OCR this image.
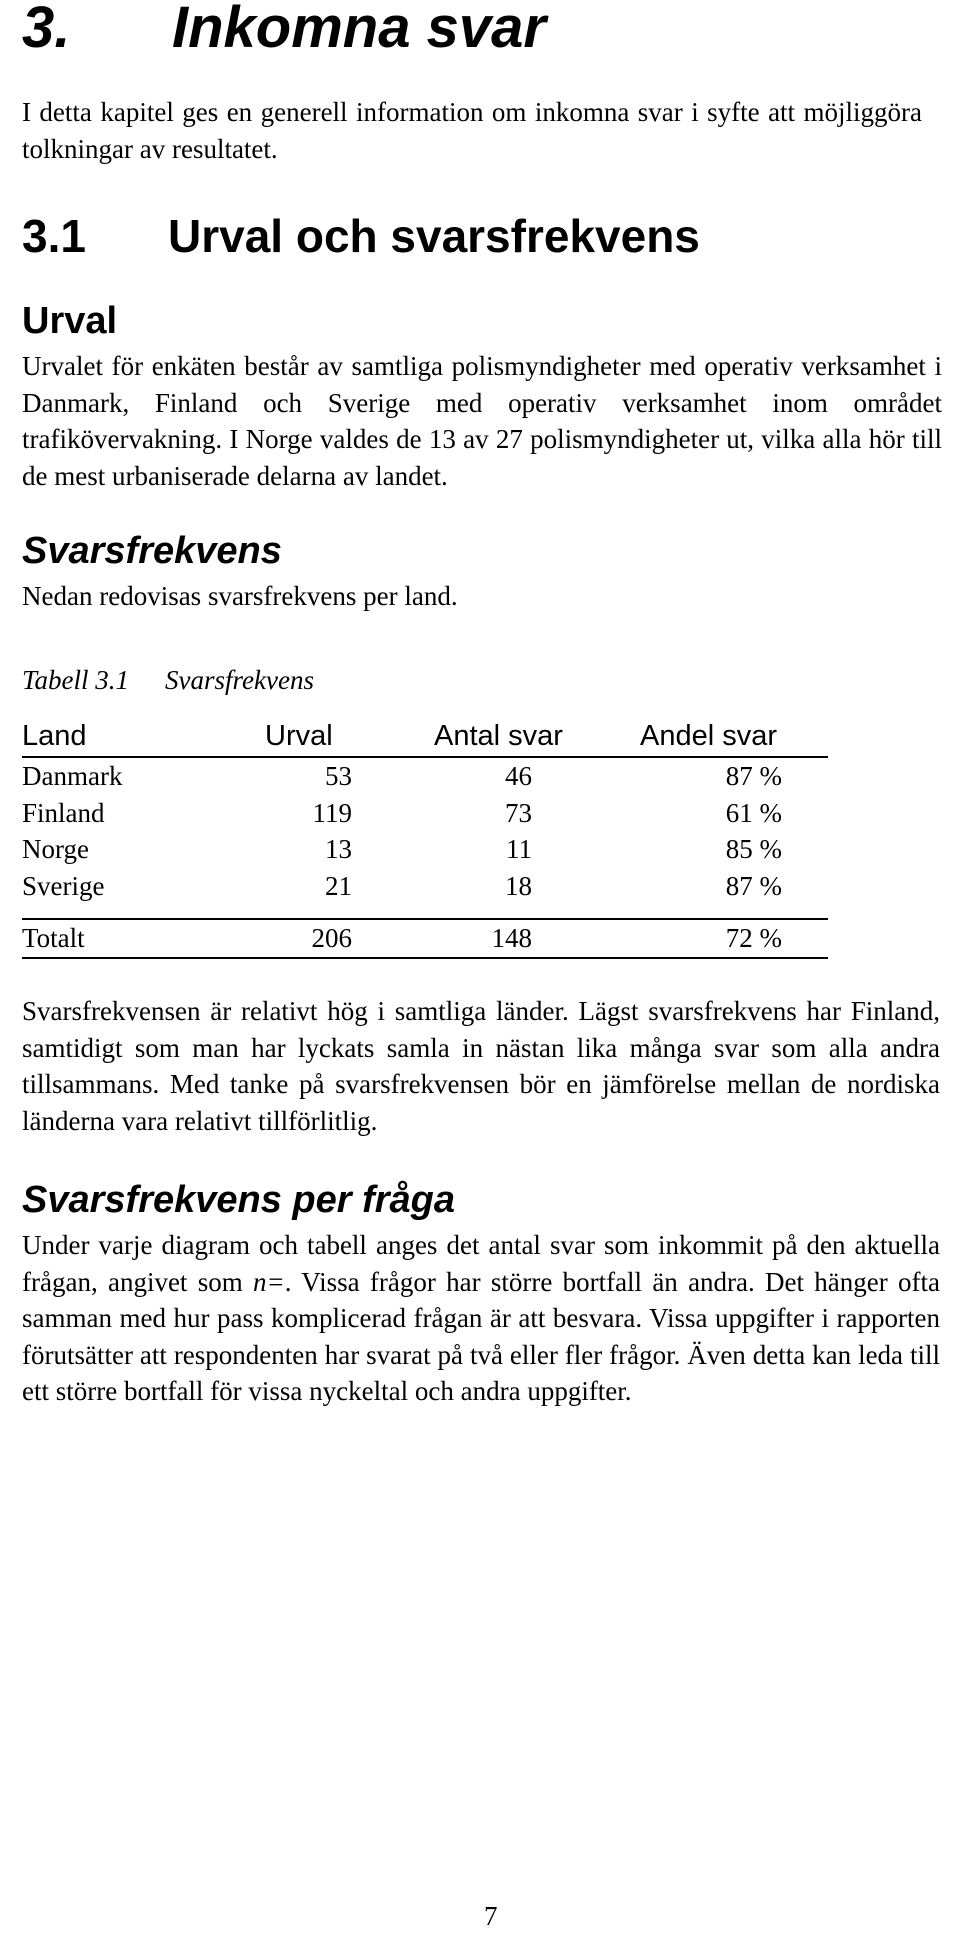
3. Inkomna svar

I detta kapitel ges en generell information om inkomna svar i syfte att möjliggöra tolkningar av resultatet.

3.1 Urval och svarsfrekvens
Urval

Urvalet för enkäten består av samtliga polismyndigheter med operativ verksamhet i Danmark, Finland och Sverige med operativ verksamhet inom området trafikövervakning. I Norge valdes de 13 av 27 polismyndigheter ut, vilka alla hör till de mest urbaniserade delarna av landet.

Svarsfrekvens

Nedan redovisas svarsfrekvens per land.

Tabell 3.1 Svarsfrekvens
Land	Urval	Antal svar	Andel svar
Danmark	53	46	87 %
Finland	119	73	61 %
Norge	13	11	85 %
Sverige	21	18	87 %
Totalt	206	148	72 %

Svarsfrekvensen är relativt hög i samtliga länder. Lägst svarsfrekvens har Finland, samtidigt som man har lyckats samla in nästan lika många svar som alla andra tillsammans. Med tanke på svarsfrekvensen bör en jämförelse mellan de nordiska länderna vara relativt tillförlitlig.

Svarsfrekvens per fråga

Under varje diagram och tabell anges det antal svar som inkommit på den aktuella frågan, angivet som n=. Vissa frågor har större bortfall än andra. Det hänger ofta samman med hur pass komplicerad frågan är att besvara. Vissa uppgifter i rapporten förutsätter att respondenten har svarat på två eller fler frågor. Även detta kan leda till ett större bortfall för vissa nyckeltal och andra uppgifter.

7
